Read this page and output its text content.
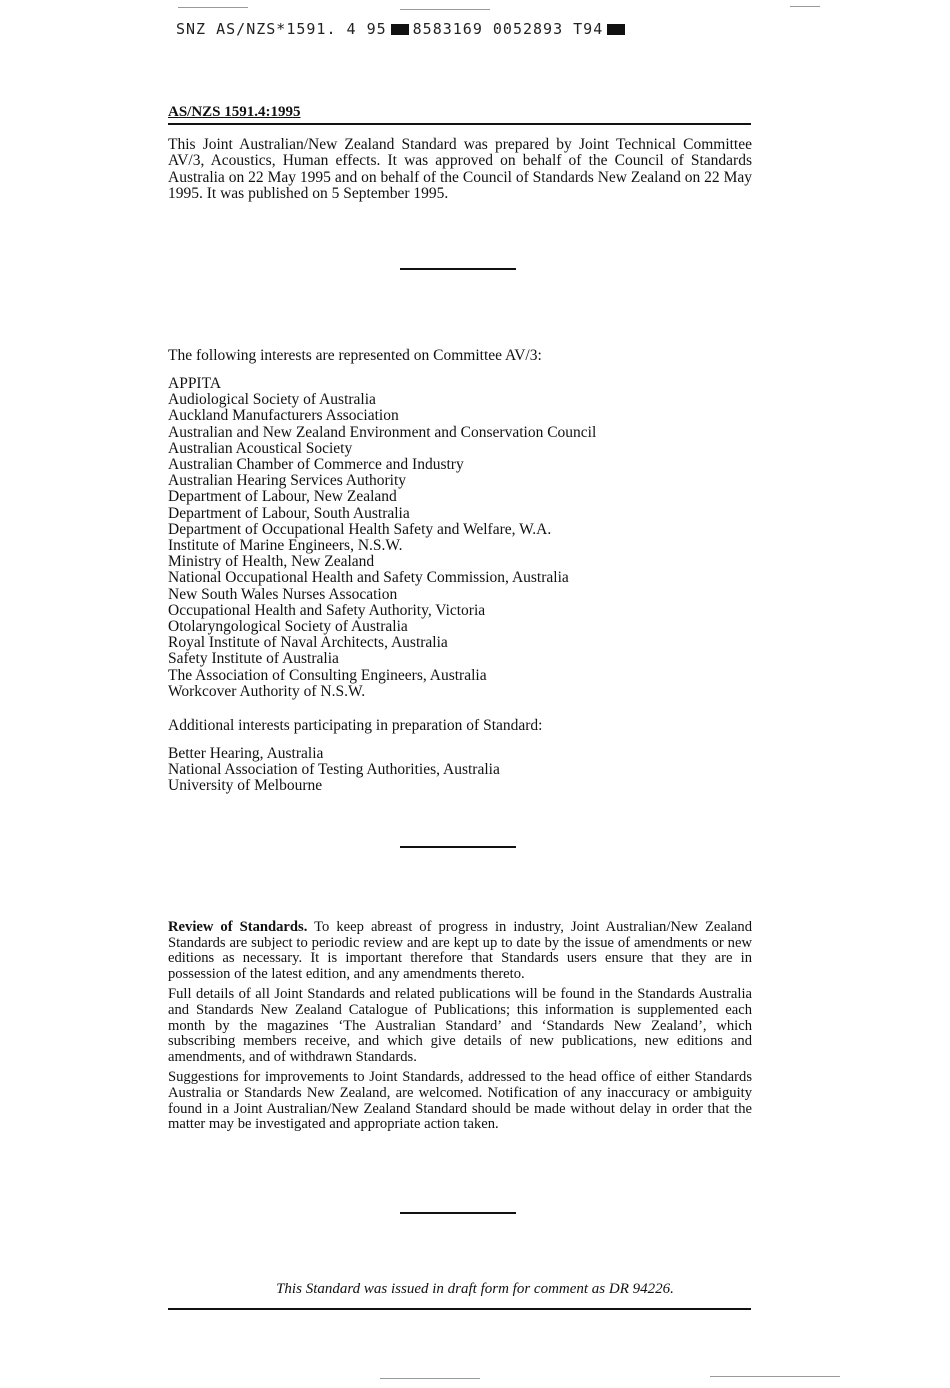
SNZ AS/NZS*1591. 4 95 8583169 0052893 T94
AS/NZS 1591.4:1995
This Joint Australian/New Zealand Standard was prepared by Joint Technical Committee AV/3, Acoustics, Human effects. It was approved on behalf of the Council of Standards Australia on 22 May 1995 and on behalf of the Council of Standards New Zealand on 22 May 1995. It was published on 5 September 1995.
The following interests are represented on Committee AV/3:
APPITA
Audiological Society of Australia
Auckland Manufacturers Association
Australian and New Zealand Environment and Conservation Council
Australian Acoustical Society
Australian Chamber of Commerce and Industry
Australian Hearing Services Authority
Department of Labour, New Zealand
Department of Labour, South Australia
Department of Occupational Health Safety and Welfare, W.A.
Institute of Marine Engineers, N.S.W.
Ministry of Health, New Zealand
National Occupational Health and Safety Commission, Australia
New South Wales Nurses Assocation
Occupational Health and Safety Authority, Victoria
Otolaryngological Society of Australia
Royal Institute of Naval Architects, Australia
Safety Institute of Australia
The Association of Consulting Engineers, Australia
Workcover Authority of N.S.W.
Additional interests participating in preparation of Standard:
Better Hearing, Australia
National Association of Testing Authorities, Australia
University of Melbourne

Review of Standards. To keep abreast of progress in industry, Joint Australian/New Zealand Standards are subject to periodic review and are kept up to date by the issue of amendments or new editions as necessary. It is important therefore that Standards users ensure that they are in possession of the latest edition, and any amendments thereto.

Full details of all Joint Standards and related publications will be found in the Standards Australia and Standards New Zealand Catalogue of Publications; this information is supplemented each month by the magazines ‘The Australian Standard’ and ‘Standards New Zealand’, which subscribing members receive, and which give details of new publications, new editions and amendments, and of withdrawn Standards.

Suggestions for improvements to Joint Standards, addressed to the head office of either Standards Australia or Standards New Zealand, are welcomed. Notification of any inaccuracy or ambiguity found in a Joint Australian/New Zealand Standard should be made without delay in order that the matter may be investigated and appropriate action taken.

This Standard was issued in draft form for comment as DR 94226.
